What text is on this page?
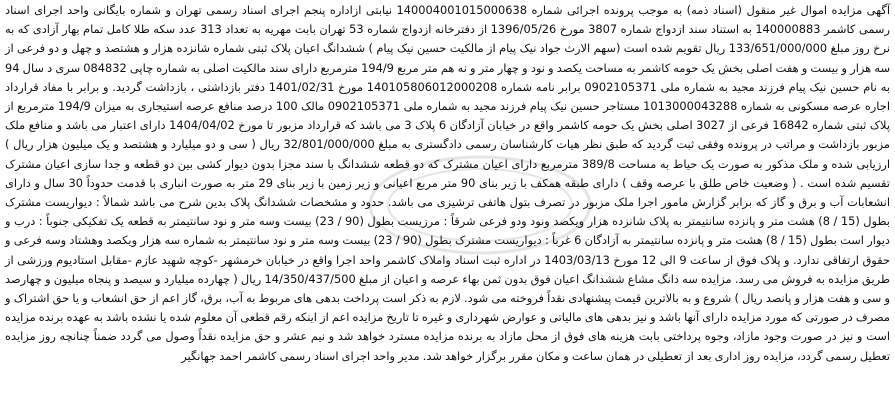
آگهی مزایده اموال غیر منقول (اسناد ذمه) به موجب پرونده اجرائی شماره 140004001015000638 نیابتی ازاداره پنجم اجرای اسناد رسمی تهران و شماره بایگانی واحد اجرای اسناد رسمی کاشمر 140000883 به استناد سند ازدواج شماره 3807 مورخ 1396/05/26 از دفترخانه ازدواج شماره 53 تهران بابت مهریه به تعداد 313 عدد سکه طلا کامل تمام بهار آزادی که به نرخ روز مبلغ 133/651/000/000 ریال تقویم شده است (سهم الارث جواد نیک پیام از مالکیت حسین نیک پیام ) ششدانگ اعیان پلاک ثبتی شماره شانزده هزار و هشتصد و چهل و دو فرعی از سه هزار و بیست و هفت اصلی بخش یک حومه کاشمر به مساحت یکصد و نود و چهار متر و نه هم متر مربع 194/9 مترمربع دارای سند مالکیت اصلی به شماره چاپی 084832 سری د سال 94 به نام حسین نیک پیام فرزند مجید به شماره ملی 0902105371 برابر نامه شماره 140105806012000208 مورخ 1401/02/31 دفتر بازداشتی ، بازداشت گردید. و برابر با مفاد قرارداد اجاره عرصه مسکونی به شماره 10130000432​88 مستاجر حسین نیک پیام فرزند مجید به شماره ملی 0902105371 مالک 100 درصد منافع عرصه استیجاری به میزان 194/9 مترمربع از پلاک ثبتی شماره 16842 فرعی از 3027 اصلی بخش یک حومه کاشمر واقع در خیابان آزادگان 6 پلاک 3 می باشد که قرارداد مزبور تا مورخ 1404/04/02 دارای اعتبار می باشد و منافع ملک مزبور بازداشت و مراتب در پرونده وفقی ثبت گردید که طبق نظر هیات کارشناسان رسمی دادگستری به مبلغ 32/801/000/000 ریال ( سی و دو میلیارد و هشتصد و یک میلیون هزار ریال ) ارزیابی شده و ملک مذکور به صورت یک حیاط به مساحت 389/8 مترمربع دارای اعیان مشترک که دو قطعه ششدانگ با سند مجزا بدون دیوار کشی بین دو قطعه و جدا سازی اعیان مشترک تقسیم شده است . ( وضعیت خاص طلق با عرصه وقف ) دارای طبقه همکف با زیر بنای 90 متر مربع اعیانی و زیر زمین با زیر بنای 29 متر به صورت انباری با قدمت حدوداً 30 سال و دارای انشعابات آب و برق و گاز که برابر گزارش مامور اجرا ملک مزبور در تصرف بتول هاتفی ترشیزی می باشد. حدود و مشخصات ششدانگ پلاک بدین شرح می باشد شمالاً : دیواریست مشترک بطول (15 / 8) هشت متر و پانزده سانتیمتر به پلاک شانزده هزار ویکصد ونود ودو فرعی شرقاً : مرزیست بطول (90 / 23) بیست وسه متر و نود سانتیمتر به قطعه یک تفکیکی جنوباً : درب و دیوار است بطول (15 / 8) هشت متر و پانزده سانتیمتر به آزادگان 6 غرباً : دیواریست مشترک بطول (90 / 23) بیست وسه متر و نود سانتیمتر به شماره سه هزار ویکصد وهشتاد وسه فرعی و حقوق ارتفاقی ندارد. و پلاک فوق از ساعت 9 الی 12 مورخ 1403/03/13 در اداره ثبت اسناد واملاک کاشمر واحد اجرا واقع در خیابان خرمشهر -کوچه شهید عازم -مقابل استادیوم ورزشی از طریق مزایده به فروش می رسد. مزایده سه دانگ مشاع ششدانگ اعیان فوق بدون ثمن بهاء عرصه و اعیان از مبلغ 14/350/437/500 ریال ( چهارده میلیارد و سیصد و پنجاه میلیون و چهارصد و سی و هفت هزار و پانصد ریال ) شروع و به بالاترین قیمت پیشنهادی نقداً فروخته می شود. لازم به ذکر است پرداخت بدهی های مربوط به آب، برق، گاز اعم از حق انشعاب و یا حق اشتراک و مصرف در صورتی که مورد مزایده دارای آنها باشد و نیز بدهی های مالیاتی و عوارض شهرداری و غیره تا تاریخ مزایده اعم از اینکه رقم قطعی آن معلوم شده یا نشده باشد به عهده برنده مزایده است و نیز در صورت وجود مازاد، وجوه پرداختی بابت هزینه های فوق از محل مازاد به برنده مزایده مسترد خواهد شد و نیم عشر و حق مزایده نقداً وصول می گردد ضمناً چنانچه روز مزایده تعطیل رسمی گردد، مزایده روز اداری بعد از تعطیلی در همان ساعت و مکان مقرر برگزار خواهد شد. مدیر واحد اجرای اسناد رسمی کاشمر احمد جهانگیر
